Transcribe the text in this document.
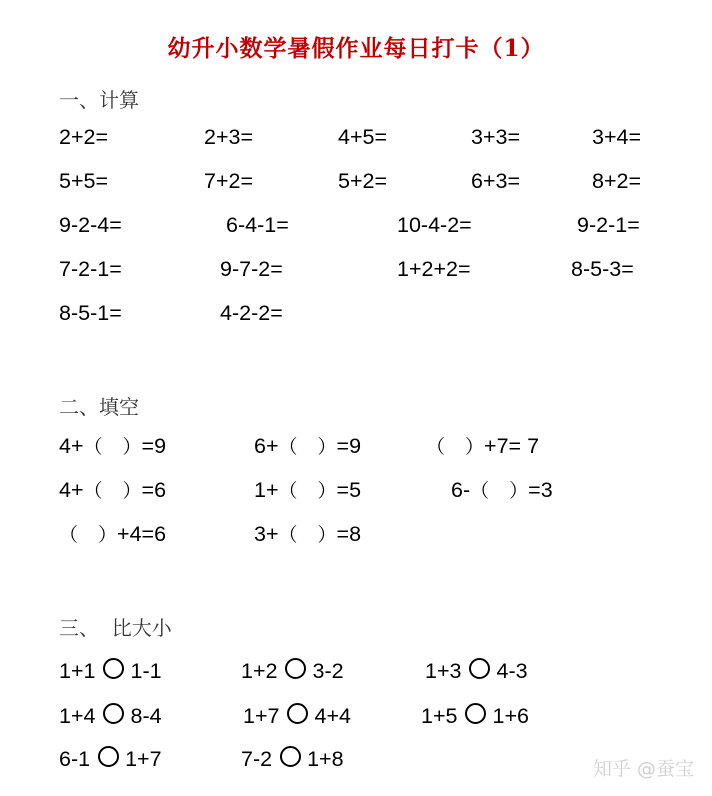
幼升小数学暑假作业每日打卡（1）
一、计算
2+2=	2+3=	4+5=	3+3=	3+4=
5+5=	7+2=	5+2=	6+3=	8+2=
9-2-4=	6-4-1=	10-4-2=	9-2-1=
7-2-1=	9-7-2=	1+2+2=	8-5-3=
8-5-1=	4-2-2=
二、填空
4+（ ）=9	6+（ ）=9	（ ）+7= 7
4+（ ）=6	1+（ ）=5	6-（ ）=3
（ ）+4=6	3+（ ）=8
三、  比大小
1+1 1-1	1+2 3-2	1+3 4-3
1+4 8-4	1+7 4+4	1+5 1+6
6-1 1+7	7-2 1+8	知乎 @蚕宝
